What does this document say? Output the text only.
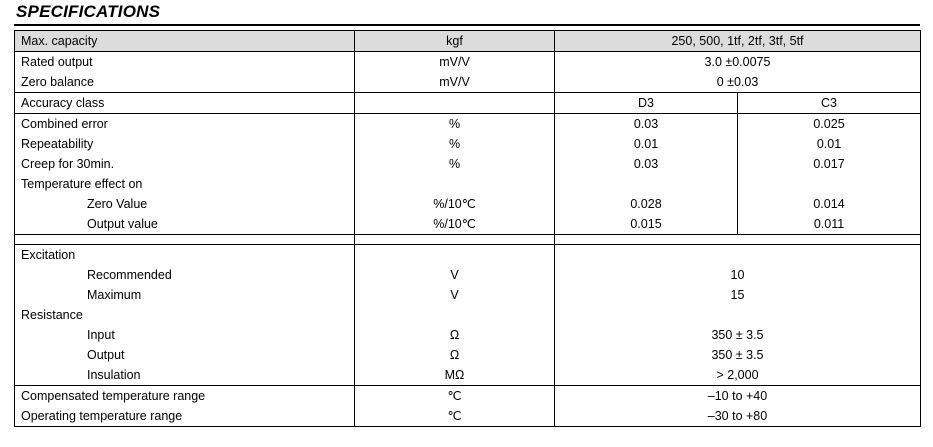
SPECIFICATIONS
Max. capacity	kgf	250, 500, 1tf, 2tf, 3tf, 5tf	

Rated output	mV/V	3.0 ±0.0075	

Zero balance	mV/V	0 ±0.03	

Accuracy class		D3	C3

Combined error	%	0.03	0.025

Repeatability	%	0.01	0.01

Creep for 30min.	%	0.03	0.017

Temperature effect on			

Zero Value	%/10℃	0.028	0.014

Output value	%/10℃	0.015	0.011

Excitation			

Recommended	V	10	

Maximum	V	15	

Resistance			

Input	Ω	350 ± 3.5	

Output	Ω	350 ± 3.5	

Insulation	MΩ	> 2,000	

Compensated temperature range	℃	–10 to +40	

Operating temperature range	℃	–30 to +80	
